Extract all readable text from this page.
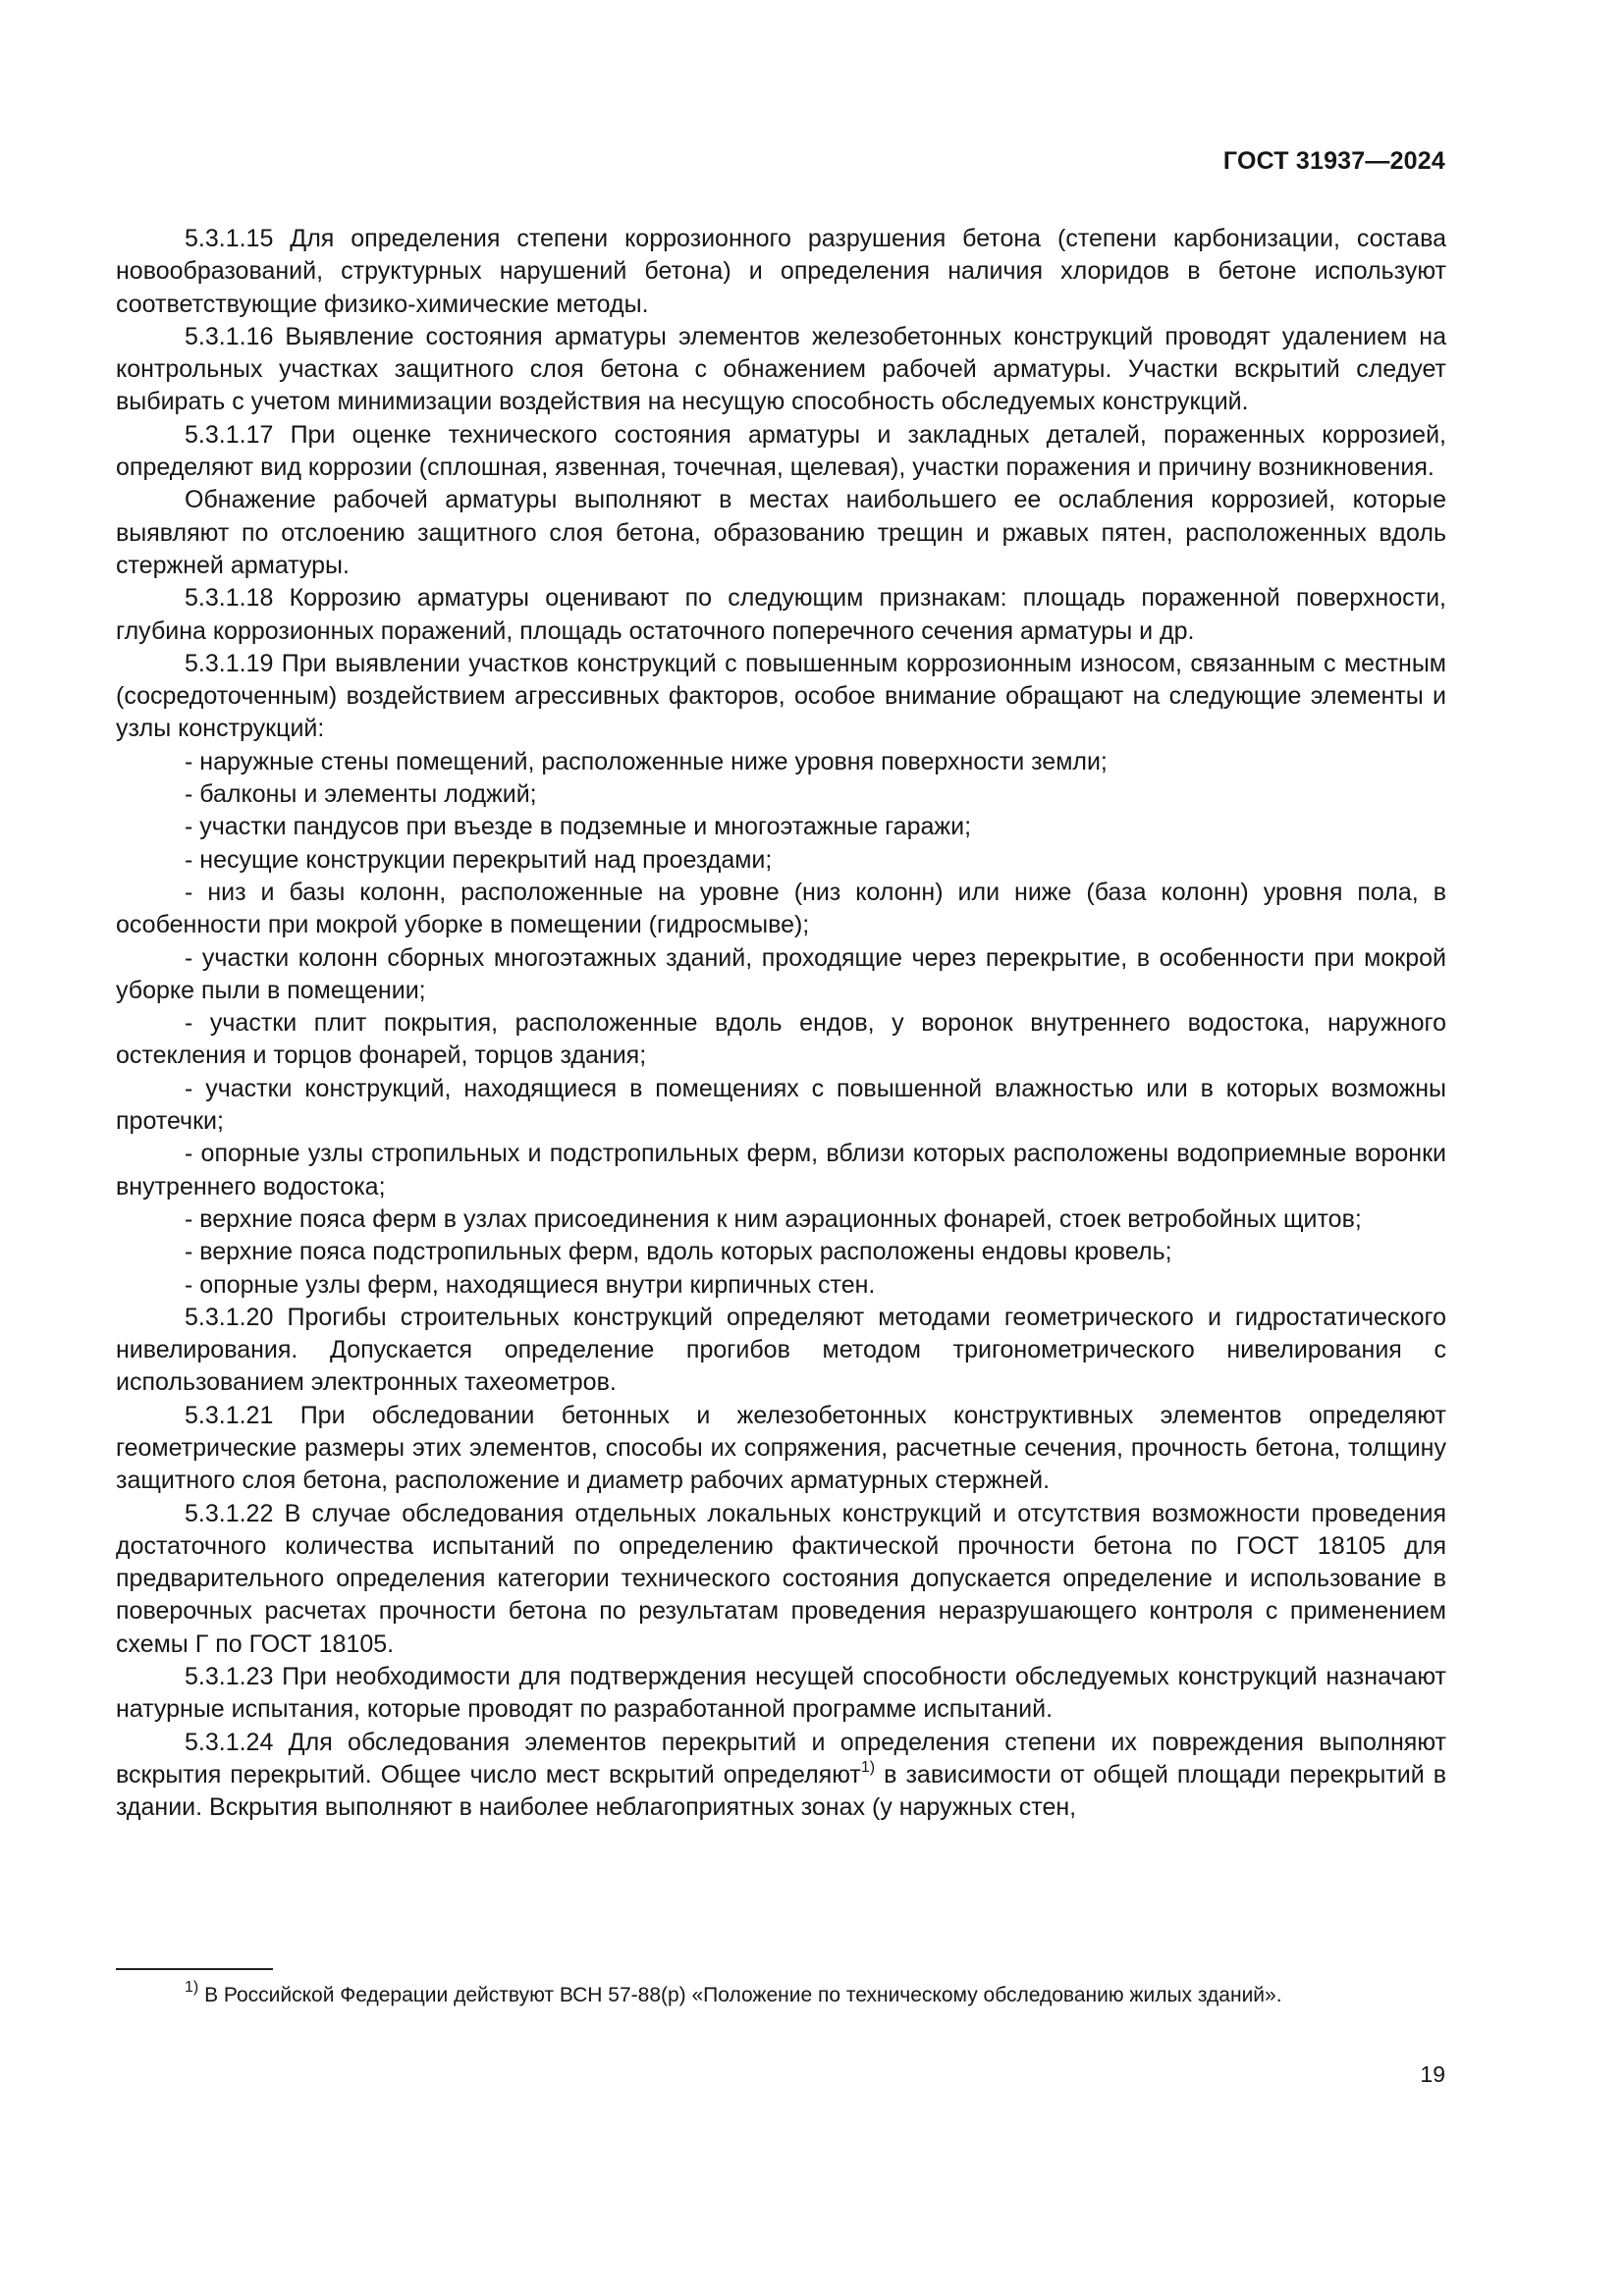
ГОСТ 31937—2024

5.3.1.15 Для определения степени коррозионного разрушения бетона (степени карбонизации, состава новообразований, структурных нарушений бетона) и определения наличия хлоридов в бетоне используют соответствующие физико-химические методы.

5.3.1.16 Выявление состояния арматуры элементов железобетонных конструкций проводят удалением на контрольных участках защитного слоя бетона с обнажением рабочей арматуры. Участки вскрытий следует выбирать с учетом минимизации воздействия на несущую способность обследуемых конструкций.

5.3.1.17 При оценке технического состояния арматуры и закладных деталей, пораженных коррозией, определяют вид коррозии (сплошная, язвенная, точечная, щелевая), участки поражения и причину возникновения.

Обнажение рабочей арматуры выполняют в местах наибольшего ее ослабления коррозией, которые выявляют по отслоению защитного слоя бетона, образованию трещин и ржавых пятен, расположенных вдоль стержней арматуры.

5.3.1.18 Коррозию арматуры оценивают по следующим признакам: площадь пораженной поверхности, глубина коррозионных поражений, площадь остаточного поперечного сечения арматуры и др.

5.3.1.19 При выявлении участков конструкций с повышенным коррозионным износом, связанным с местным (сосредоточенным) воздействием агрессивных факторов, особое внимание обращают на следующие элементы и узлы конструкций:

- наружные стены помещений, расположенные ниже уровня поверхности земли;

- балконы и элементы лоджий;

- участки пандусов при въезде в подземные и многоэтажные гаражи;

- несущие конструкции перекрытий над проездами;

- низ и базы колонн, расположенные на уровне (низ колонн) или ниже (база колонн) уровня пола, в особенности при мокрой уборке в помещении (гидросмыве);

- участки колонн сборных многоэтажных зданий, проходящие через перекрытие, в особенности при мокрой уборке пыли в помещении;

- участки плит покрытия, расположенные вдоль ендов, у воронок внутреннего водостока, наружного остекления и торцов фонарей, торцов здания;

- участки конструкций, находящиеся в помещениях с повышенной влажностью или в которых возможны протечки;

- опорные узлы стропильных и подстропильных ферм, вблизи которых расположены водоприемные воронки внутреннего водостока;

- верхние пояса ферм в узлах присоединения к ним аэрационных фонарей, стоек ветробойных щитов;

- верхние пояса подстропильных ферм, вдоль которых расположены ендовы кровель;

- опорные узлы ферм, находящиеся внутри кирпичных стен.

5.3.1.20 Прогибы строительных конструкций определяют методами геометрического и гидростатического нивелирования. Допускается определение прогибов методом тригонометрического нивелирования с использованием электронных тахеометров.

5.3.1.21 При обследовании бетонных и железобетонных конструктивных элементов определяют геометрические размеры этих элементов, способы их сопряжения, расчетные сечения, прочность бетона, толщину защитного слоя бетона, расположение и диаметр рабочих арматурных стержней.

5.3.1.22 В случае обследования отдельных локальных конструкций и отсутствия возможности проведения достаточного количества испытаний по определению фактической прочности бетона по ГОСТ 18105 для предварительного определения категории технического состояния допускается определение и использование в поверочных расчетах прочности бетона по результатам проведения неразрушающего контроля с применением схемы Г по ГОСТ 18105.

5.3.1.23 При необходимости для подтверждения несущей способности обследуемых конструкций назначают натурные испытания, которые проводят по разработанной программе испытаний.

5.3.1.24 Для обследования элементов перекрытий и определения степени их повреждения выполняют вскрытия перекрытий. Общее число мест вскрытий определяют$^{1)}$ в зависимости от общей площади перекрытий в здании. Вскрытия выполняют в наиболее неблагоприятных зонах (у наружных стен,

$^{1)}$ В Российской Федерации действуют ВСН 57-88(р) «Положение по техническому обследованию жилых зданий».
19
